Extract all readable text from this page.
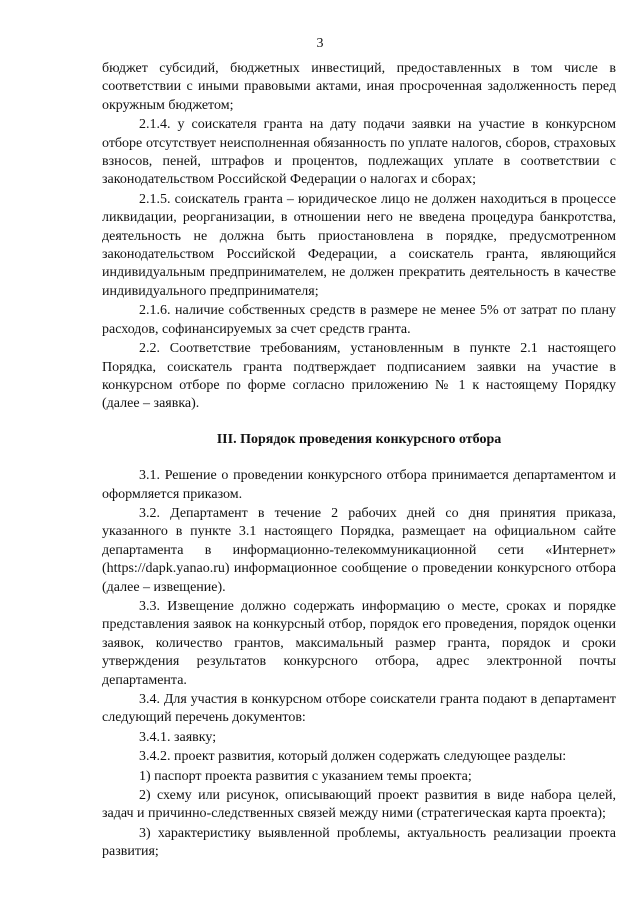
3

бюджет субсидий, бюджетных инвестиций, предоставленных в том числе в соответствии с иными правовыми актами, иная просроченная задолженность перед окружным бюджетом;

2.1.4. у соискателя гранта на дату подачи заявки на участие в конкурсном отборе отсутствует неисполненная обязанность по уплате налогов, сборов, страховых взносов, пеней, штрафов и процентов, подлежащих уплате в соответствии с законодательством Российской Федерации о налогах и сборах;

2.1.5. соискатель гранта – юридическое лицо не должен находиться в процессе ликвидации, реорганизации, в отношении него не введена процедура банкротства, деятельность не должна быть приостановлена в порядке, предусмотренном законодательством Российской Федерации, а соискатель гранта, являющийся индивидуальным предпринимателем, не должен прекратить деятельность в качестве индивидуального предпринимателя;

2.1.6. наличие собственных средств в размере не менее 5% от затрат по плану расходов, софинансируемых за счет средств гранта.

2.2. Соответствие требованиям, установленным в пункте 2.1 настоящего Порядка, соискатель гранта подтверждает подписанием заявки на участие в конкурсном отборе по форме согласно приложению № 1 к настоящему Порядку (далее – заявка).

III. Порядок проведения конкурсного отбора

3.1. Решение о проведении конкурсного отбора принимается департаментом и оформляется приказом.

3.2. Департамент в течение 2 рабочих дней со дня принятия приказа, указанного в пункте 3.1 настоящего Порядка, размещает на официальном сайте департамента в информационно-телекоммуникационной сети «Интернет» (https://dapk.yanao.ru) информационное сообщение о проведении конкурсного отбора (далее – извещение).

3.3. Извещение должно содержать информацию о месте, сроках и порядке представления заявок на конкурсный отбор, порядок его проведения, порядок оценки заявок, количество грантов, максимальный размер гранта, порядок и сроки утверждения результатов конкурсного отбора, адрес электронной почты департамента.

3.4. Для участия в конкурсном отборе соискатели гранта подают в департамент следующий перечень документов:

3.4.1. заявку;

3.4.2. проект развития, который должен содержать следующее разделы:

1) паспорт проекта развития с указанием темы проекта;

2) схему или рисунок, описывающий проект развития в виде набора целей, задач и причинно-следственных связей между ними (стратегическая карта проекта);

3) характеристику выявленной проблемы, актуальность реализации проекта развития;
